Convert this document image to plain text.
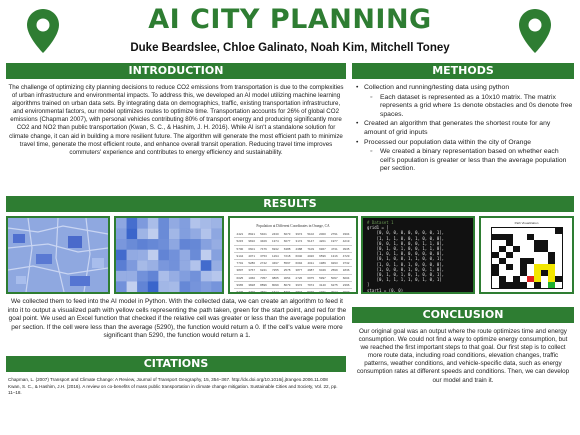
AI CITY PLANNING
Duke Beardslee, Chloe Galinato, Noah Kim, Mitchell Toney
INTRODUCTION
The challenge of optimizing city planning decisions to reduce CO2 emissions from transportation is due to the complexities of urban infrastructure and environmental impacts. To address this, we developed an AI model utilizing machine learning algorithms trained on urban data sets. By integrating data on demographics, traffic, existing transportation infrastructure, and environmental factors, our model optimizes routes to optimize time. Transportation accounts for 26% of global CO2 emissions (Chapman 2007), with personal vehicles contributing 80% of transport energy and producing significantly more CO2 and NO2 than public transportation (Kwan, S. C., & Hashim, J. H. 2016). While AI isn't a standalone solution for climate change, it can aid in building a more resilient future. The algorithm will generate the most efficient path to minimize travel time, generate the most efficient route, and enhance overall transit operation. Reducing travel time improves commuters' experience and contributes to energy efficiency and sustainability.
METHODS
• Collection and running/testing data using python
◦ Each dataset is represented as a 10x10 matrix. The matrix represents a grid where 1s denote obstacles and 0s denote free spaces.
• Created an algorithm that generates the shortest route for any amount of grid inputs
• Processed our population data within the city of Orange
◦ We created a binary representation based on whether each cell's population is greater or less than the average population per section.
RESULTS
Population at Different Coordinates in Orange, CA
4421	8921	5401	2430	6673	3974	5102	2000	2791	3304
5215	9810	3409	1374	6677	3174	5147	4201	1977	4219
5700	6601	7476	6932	6388	4388	7109	6967	4731	3935
9144	4071	3753	1294	7218	6040	4020	6596	1316	4729
7701	5286	2742	3497	5597	6094	4011	1989	9293	3732
3807	3767	6221	7255	2578	3877	4987	6049	2599	1836
6025	1060	7057	9805	3054	2726	6975	5997	5097	6004
9965	3828	8896	8099	8079	3972	7974	3140	6275	2396
6745	7290	7691	1614	8701	3847	5076	1931	3014	7003
# Dataset 1
grid1 = [
[0, 0, 0, 0, 0, 0, 0, 0, 1],
[1, 1, 1, 0, 0, 1, 0, 0, 0],
[0, 0, 1, 0, 0, 0, 1, 1, 0],
[0, 1, 0, 1, 0, 0, 1, 1, 0],
[1, 0, 1, 0, 0, 0, 0, 0, 0],
[0, 1, 0, 0, 1, 1, 0, 0, 1],
[1, 0, 1, 0, 1, 0, 0, 0, 0],
[1, 0, 0, 0, 1, 0, 0, 1, 0],
[0, 1, 0, 1, 0, 1, 0, 0, 1],
[0, 1, 1, 1, 1, 0, 1, 0, 1]
]
start1 = (0, 0)
Path Visualization
We collected them to feed into the AI model in Python. With the collected data, we can create an algorithm to feed it into it to output a visualized path with yellow cells representing the path taken, green for the start point, and red for the goal point. We used an Excel function that checked if the relative cell was greater or less than the average population per section. If the cell were less than the average (5290), the function would return a 0. If the cell's value were more significant than 5290, the function would return a 1.
CONCLUSION
Our original goal was an output where the route optimizes time and energy consumption. We could not find a way to optimize energy consumption, but we reached the first important steps to that goal. Our first step is to collect more route data, including road conditions, elevation changes, traffic patterns, weather conditions, and vehicle-specific data, such as energy consumption rates at different speeds and conditions. Then, we can develop our model and train it.
CITATIONS

Chapman, L. (2007) Transport and Climate Change: A Review, Journal of Transport Geography, 15, 354–367. http://dx.doi.org/10.1016/j.jtrangeo.2006.11.008

Kwan, S. C., & Hashim, J.H. (2016). A review on co-benefits of mass public transportation in climate change mitigation. Sustainable Cities and Society, Vol. 22, pp. 11–18.
